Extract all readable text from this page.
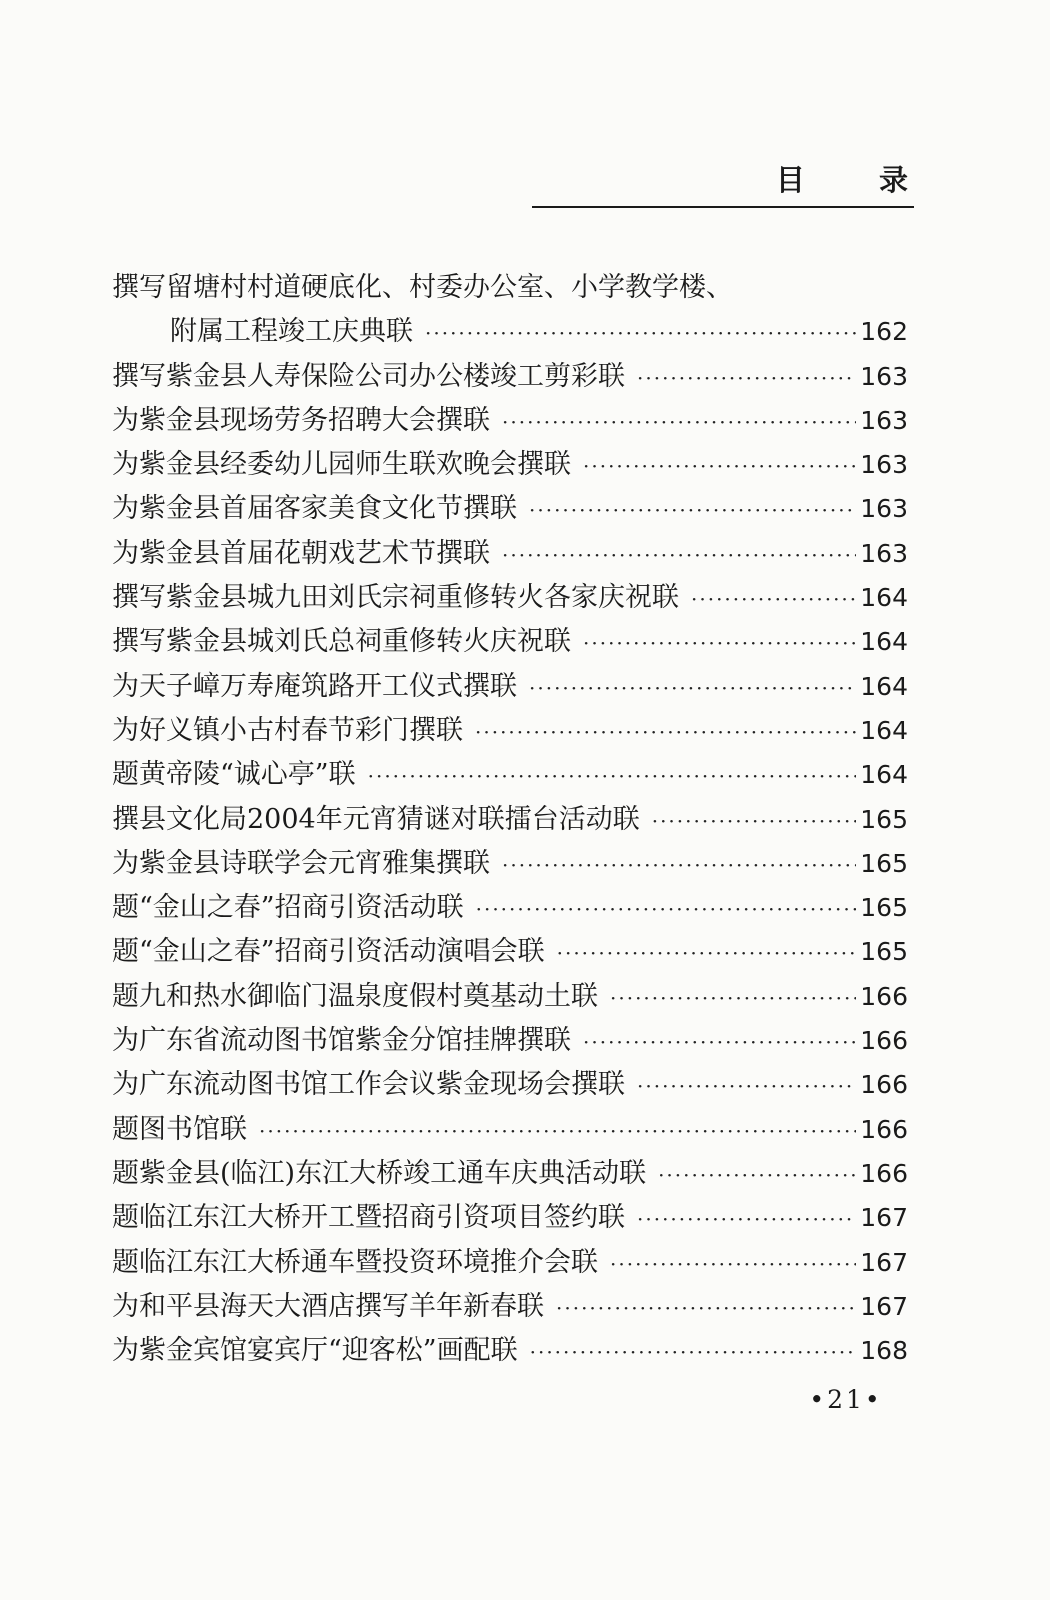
目 录
撰写留塘村村道硬底化、村委办公室、小学教学楼、
附属工程竣工庆典联 ·····	162
撰写紫金县人寿保险公司办公楼竣工剪彩联 ·····	163
为紫金县现场劳务招聘大会撰联 ·····	163
为紫金县经委幼儿园师生联欢晚会撰联 ·····	163
为紫金县首届客家美食文化节撰联 ·····	163
为紫金县首届花朝戏艺术节撰联 ·····	163
撰写紫金县城九田刘氏宗祠重修转火各家庆祝联 ·····	164
撰写紫金县城刘氏总祠重修转火庆祝联 ·····	164
为天子嶂万寿庵筑路开工仪式撰联 ·····	164
为好义镇小古村春节彩门撰联 ·····	164
题黄帝陵“诚心亭”联 ·····	164
撰县文化局2004年元宵猜谜对联擂台活动联 ·····	165
为紫金县诗联学会元宵雅集撰联 ·····	165
题“金山之春”招商引资活动联 ·····	165
题“金山之春”招商引资活动演唱会联 ·····	165
题九和热水御临门温泉度假村奠基动土联 ·····	166
为广东省流动图书馆紫金分馆挂牌撰联 ·····	166
为广东流动图书馆工作会议紫金现场会撰联 ·····	166
题图书馆联 ·····	166
题紫金县(临江)东江大桥竣工通车庆典活动联 ·····	166
题临江东江大桥开工暨招商引资项目签约联 ·····	167
题临江东江大桥通车暨投资环境推介会联 ·····	167
为和平县海天大酒店撰写羊年新春联 ·····	167
为紫金宾馆宴宾厅“迎客松”画配联 ·····	168
•21•
